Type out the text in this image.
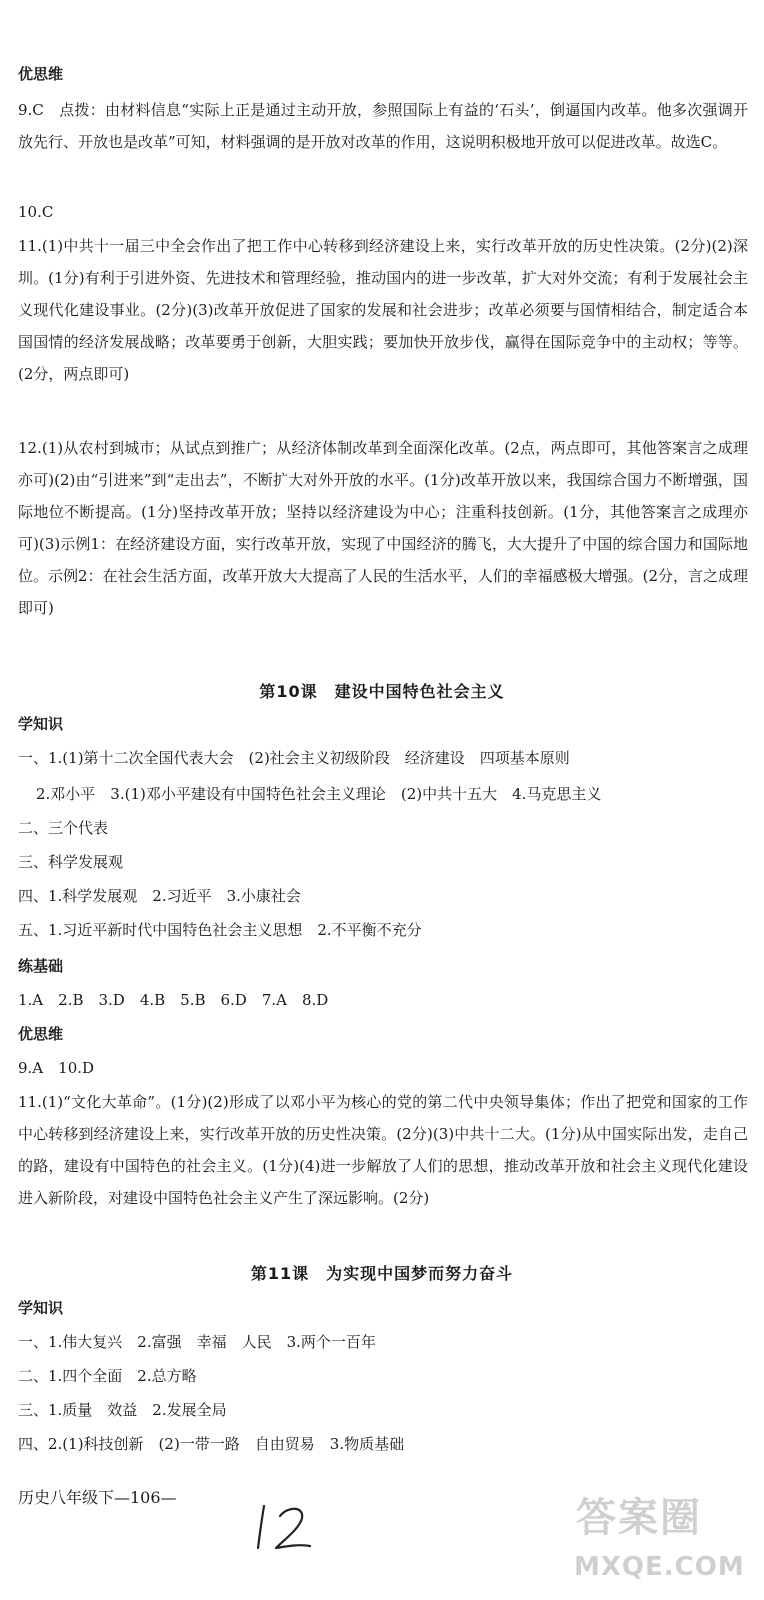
优思维
9.C　点拨：由材料信息“实际上正是通过主动开放，参照国际上有益的‘石头’，倒逼国内改革。他多次强调开放先行、开放也是改革”可知，材料强调的是开放对改革的作用，这说明积极地开放可以促进改革。故选C。
10.C
11.(1)中共十一届三中全会作出了把工作中心转移到经济建设上来，实行改革开放的历史性决策。(2分)(2)深圳。(1分)有利于引进外资、先进技术和管理经验，推动国内的进一步改革，扩大对外交流；有利于发展社会主义现代化建设事业。(2分)(3)改革开放促进了国家的发展和社会进步；改革必须要与国情相结合，制定适合本国国情的经济发展战略；改革要勇于创新，大胆实践；要加快开放步伐，赢得在国际竞争中的主动权；等等。(2分，两点即可)
12.(1)从农村到城市；从试点到推广；从经济体制改革到全面深化改革。(2点，两点即可，其他答案言之成理亦可)(2)由“引进来”到“走出去”，不断扩大对外开放的水平。(1分)改革开放以来，我国综合国力不断增强，国际地位不断提高。(1分)坚持改革开放；坚持以经济建设为中心；注重科技创新。(1分，其他答案言之成理亦可)(3)示例1：在经济建设方面，实行改革开放，实现了中国经济的腾飞，大大提升了中国的综合国力和国际地位。示例2：在社会生活方面，改革开放大大提高了人民的生活水平，人们的幸福感极大增强。(2分，言之成理即可)
第10课　建设中国特色社会主义
学知识
一、1.(1)第十二次全国代表大会　(2)社会主义初级阶段　经济建设　四项基本原则
2.邓小平　3.(1)邓小平建设有中国特色社会主义理论　(2)中共十五大　4.马克思主义
二、三个代表
三、科学发展观
四、1.科学发展观　2.习近平　3.小康社会
五、1.习近平新时代中国特色社会主义思想　2.不平衡不充分
练基础
1.A　2.B　3.D　4.B　5.B　6.D　7.A　8.D
优思维
9.A　10.D
11.(1)“文化大革命”。(1分)(2)形成了以邓小平为核心的党的第二代中央领导集体；作出了把党和国家的工作中心转移到经济建设上来，实行改革开放的历史性决策。(2分)(3)中共十二大。(1分)从中国实际出发，走自己的路，建设有中国特色的社会主义。(1分)(4)进一步解放了人们的思想，推动改革开放和社会主义现代化建设进入新阶段，对建设中国特色社会主义产生了深远影响。(2分)
第11课　为实现中国梦而努力奋斗
学知识
一、1.伟大复兴　2.富强　幸福　人民　3.两个一百年
二、1.四个全面　2.总方略
三、1.质量　效益　2.发展全局
四、2.(1)科技创新　(2)一带一路　自由贸易　3.物质基础
历史八年级下—106—	答案圈
MXQE.COM
